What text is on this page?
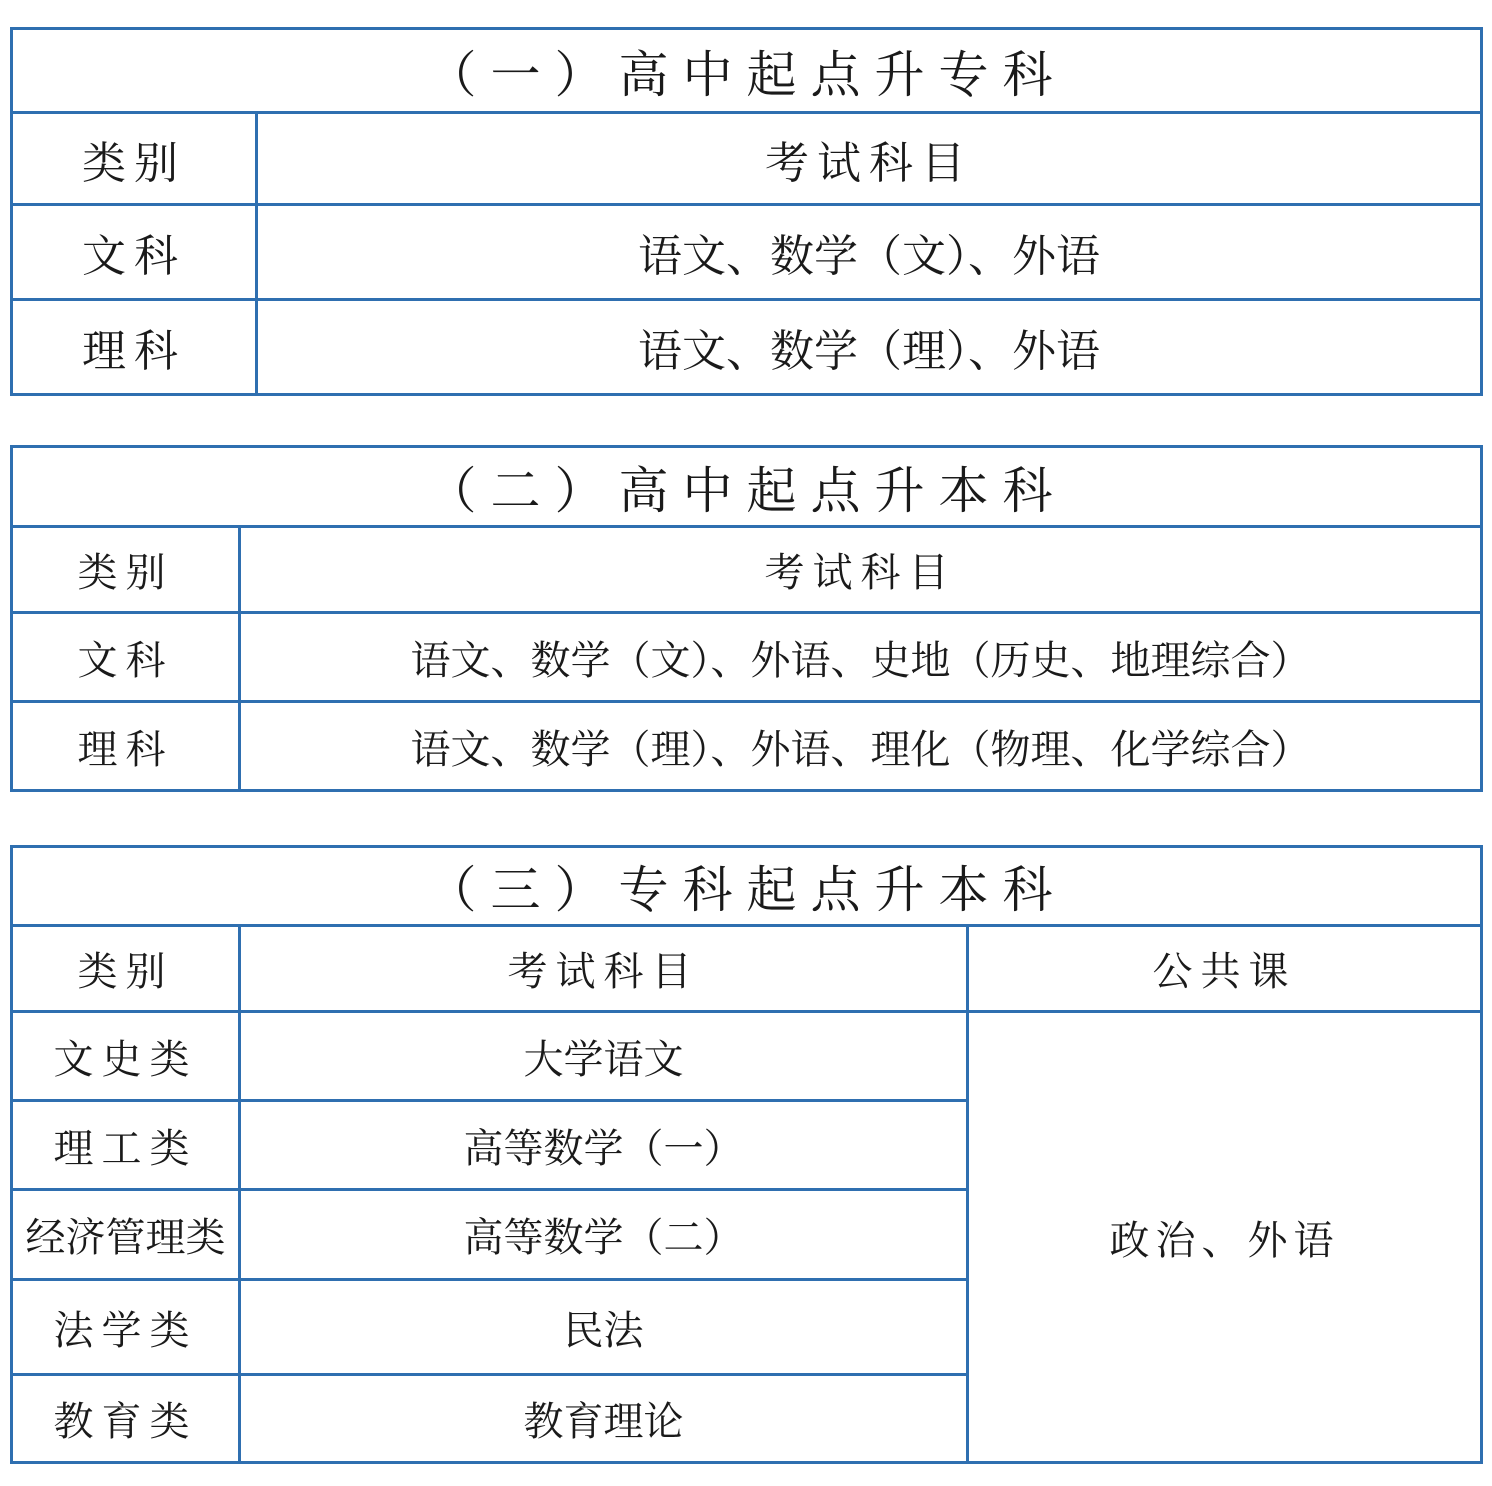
（一）高中起点升专科	
类别	考试科目
文科	语文、数学（文）、外语
理科	语文、数学（理）、外语
（二）高中起点升本科	
类别	考试科目
文科	语文、数学（文）、外语、史地（历史、地理综合）
理科	语文、数学（理）、外语、理化（物理、化学综合）
（三）专科起点升本科		
类别	考试科目	公共课
文史类	大学语文	政治、外语
理工类	高等数学（一）	
经济管理类	高等数学（二）	
法学类	民法	
教育类	教育理论	
